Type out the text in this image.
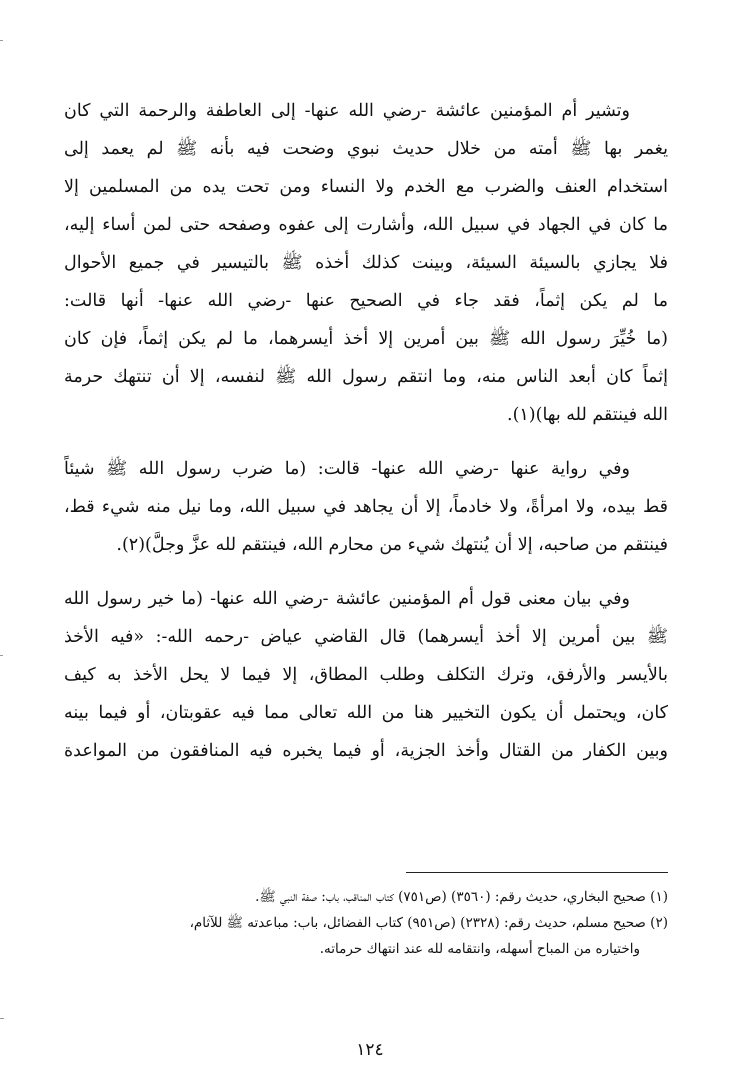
وتشير أم المؤمنين عائشة -رضي الله عنها- إلى العاطفة والرحمة التي كان
يغمر بها ﷺ أمته من خلال حديث نبوي وضحت فيه بأنه ﷺ لم يعمد إلى
استخدام العنف والضرب مع الخدم ولا النساء ومن تحت يده من المسلمين إلا
ما كان في الجهاد في سبيل الله، وأشارت إلى عفوه وصفحه حتى لمن أساء إليه،
فلا يجازي بالسيئة السيئة، وبينت كذلك أخذه ﷺ بالتيسير في جميع الأحوال
ما لم يكن إثماً، فقد جاء في الصحيح عنها -رضي الله عنها- أنها قالت:
(ما خُيِّرَ رسول الله ﷺ بين أمرين إلا أخذ أيسرهما، ما لم يكن إثماً، فإن كان
إثماً كان أبعد الناس منه، وما انتقم رسول الله ﷺ لنفسه، إلا أن تنتهك حرمة
الله فينتقم لله بها)(١).
وفي رواية عنها -رضي الله عنها- قالت: (ما ضرب رسول الله ﷺ شيئاً
قط بيده، ولا امرأةً، ولا خادماً، إلا أن يجاهد في سبيل الله، وما نيل منه شيء قط،
فينتقم من صاحبه، إلا أن يُنتهك شيء من محارم الله، فينتقم لله عزَّ وجلَّ)(٢).
وفي بيان معنى قول أم المؤمنين عائشة -رضي الله عنها- (ما خير رسول الله
ﷺ بين أمرين إلا أخذ أيسرهما) قال القاضي عياض -رحمه الله-: «فيه الأخذ
بالأيسر والأرفق، وترك التكلف وطلب المطاق، إلا فيما لا يحل الأخذ به كيف
كان، ويحتمل أن يكون التخيير هنا من الله تعالى مما فيه عقوبتان، أو فيما بينه
وبين الكفار من القتال وأخذ الجزية، أو فيما يخبره فيه المنافقون من المواعدة
(١) صحيح البخاري، حديث رقم: (٣٥٦٠) (ص٧٥١) كتاب المناقب، باب: صفة النبي ﷺ.
(٢) صحيح مسلم، حديث رقم: (٢٣٢٨) (ص٩٥١) كتاب الفضائل، باب: مباعدته ﷺ للآثام،
واختياره من المباح أسهله، وانتقامه لله عند انتهاك حرماته.
١٢٤
